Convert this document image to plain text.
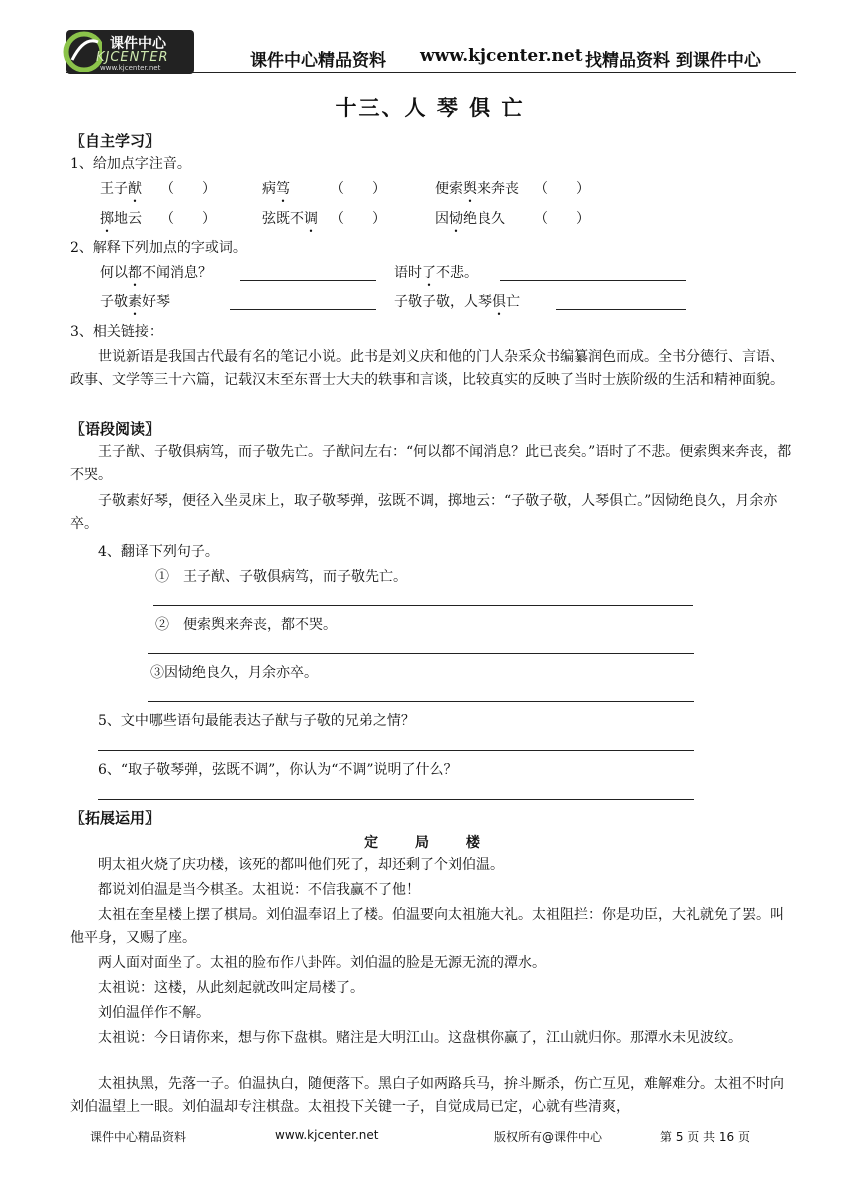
课件中心
KJCENTER
www.kjcenter.net	课件中心精品资料 www.kjcenter.net 找精品资料 到课件中心
十三、人 琴 俱 亡
〖自主学习〗
1、给加点字注音。
王子猷 （　　）	病笃	（　　）	便索舆来奔丧 （　　）
掷地云 （　　）	弦既不调 （　　）	因恸绝良久 （　　）
2、解释下列加点的字或词。
何以都不闻消息？	语时了不悲。
子敬素好琴	子敬子敬，人琴俱亡
3、相关链接：
世说新语是我国古代最有名的笔记小说。此书是刘义庆和他的门人杂采众书编纂润色而成。全书分德行、言语、政事、文学等三十六篇，记载汉末至东晋士大夫的轶事和言谈，比较真实的反映了当时士族阶级的生活和精神面貌。
〖语段阅读〗
王子猷、子敬俱病笃，而子敬先亡。子猷问左右：“何以都不闻消息？此已丧矣。”语时了不悲。便索舆来奔丧，都不哭。
子敬素好琴，便径入坐灵床上，取子敬琴弹，弦既不调，掷地云：“子敬子敬，人琴俱亡。”因恸绝良久，月余亦卒。
4、翻译下列句子。
①　王子猷、子敬俱病笃，而子敬先亡。
②　便索舆来奔丧，都不哭。
③因恸绝良久，月余亦卒。
5、文中哪些语句最能表达子猷与子敬的兄弟之情？
6、“取子敬琴弹，弦既不调”，你认为“不调”说明了什么？
〖拓展运用〗
定 局 楼
明太祖火烧了庆功楼，该死的都叫他们死了，却还剩了个刘伯温。
都说刘伯温是当今棋圣。太祖说：不信我赢不了他！
太祖在奎星楼上摆了棋局。刘伯温奉诏上了楼。伯温要向太祖施大礼。太祖阻拦：你是功臣，大礼就免了罢。叫他平身，又赐了座。
两人面对面坐了。太祖的脸布作八卦阵。刘伯温的脸是无源无流的潭水。
太祖说：这楼，从此刻起就改叫定局楼了。
刘伯温佯作不解。
太祖说：今日请你来，想与你下盘棋。赌注是大明江山。这盘棋你赢了，江山就归你。那潭水未见波纹。
太祖执黑，先落一子。伯温执白，随便落下。黑白子如两路兵马，拚斗厮杀，伤亡互见，难解难分。太祖不时向刘伯温望上一眼。刘伯温却专注棋盘。太祖投下关键一子，自觉成局已定，心就有些清爽，
课件中心精品资料	www.kjcenter.net	版权所有@课件中心	第 5 页 共 16 页
